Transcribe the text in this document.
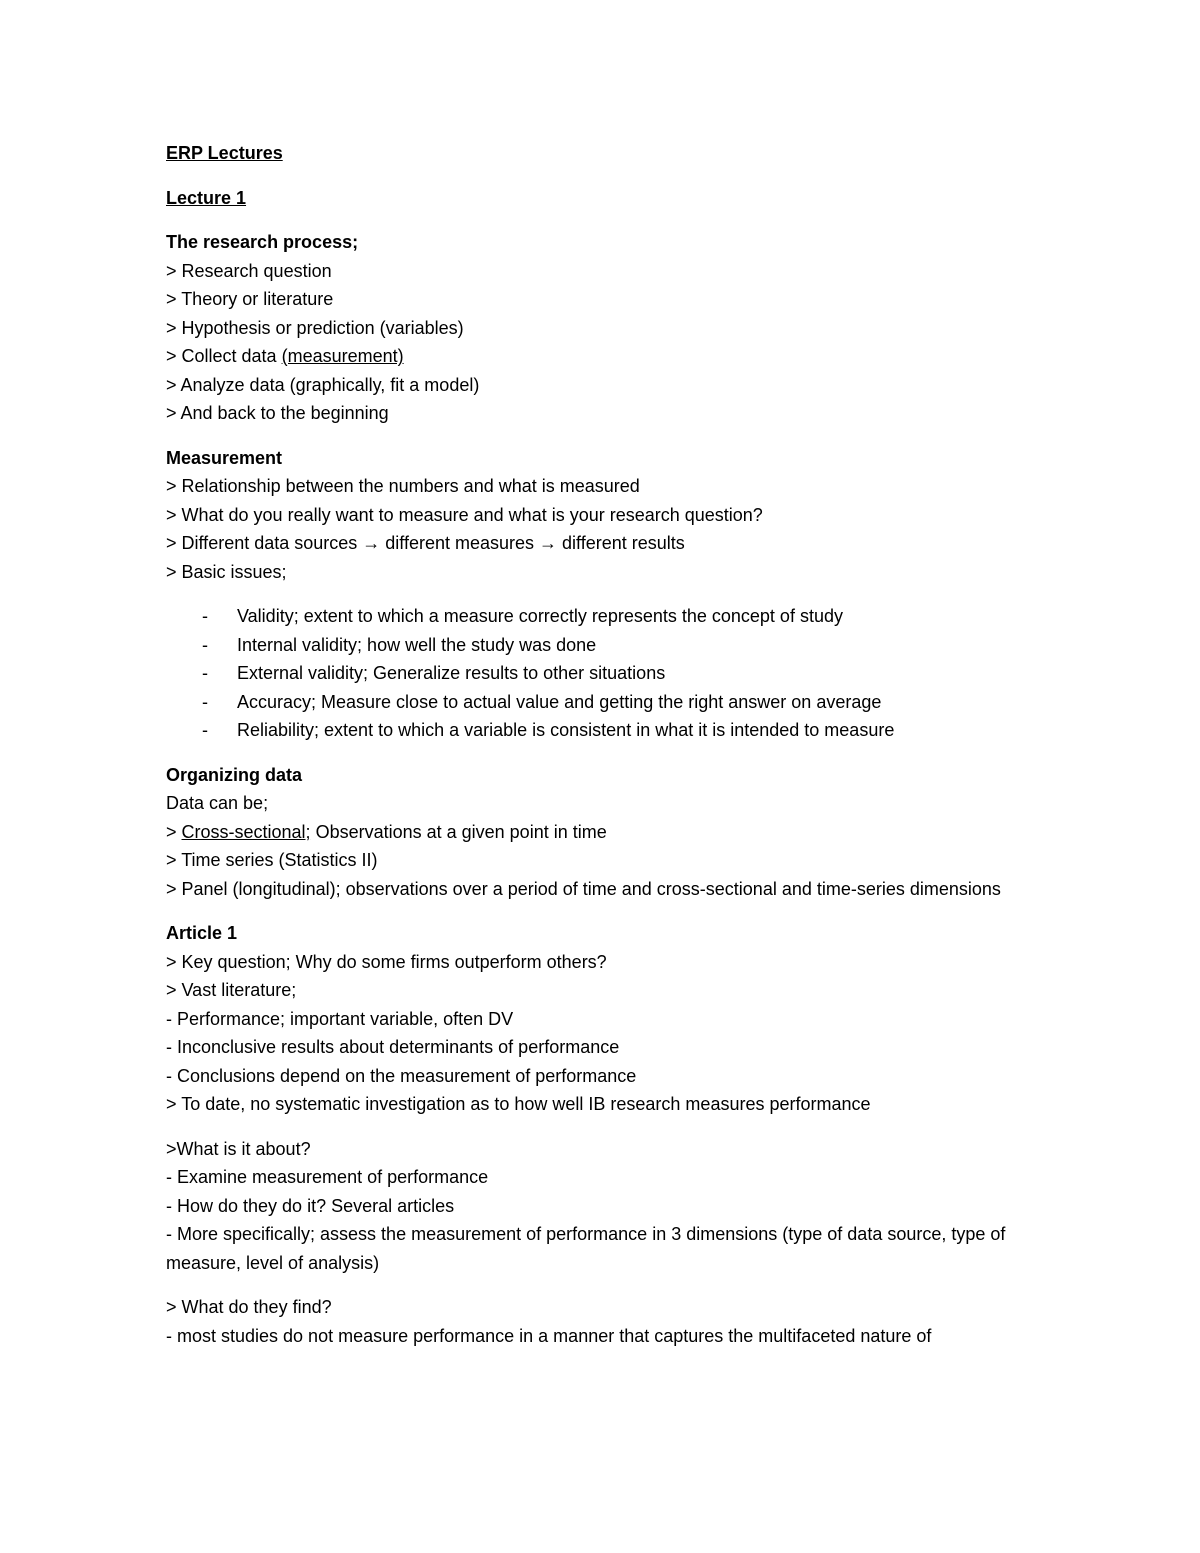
ERP Lectures
Lecture 1
The research process;
> Research question
> Theory or literature
> Hypothesis or prediction (variables)
> Collect data (measurement)
> Analyze data (graphically, fit a model)
> And back to the beginning
Measurement
> Relationship between the numbers and what is measured
> What do you really want to measure and what is your research question?
> Different data sources → different measures → different results
> Basic issues;
- Validity; extent to which a measure correctly represents the concept of study
- Internal validity; how well the study was done
- External validity; Generalize results to other situations
- Accuracy; Measure close to actual value and getting the right answer on average
- Reliability; extent to which a variable is consistent in what it is intended to measure
Organizing data
Data can be;
> Cross-sectional; Observations at a given point in time
> Time series (Statistics II)
> Panel (longitudinal); observations over a period of time and cross-sectional and time-series dimensions
Article 1
> Key question; Why do some firms outperform others?
> Vast literature;
- Performance; important variable, often DV
- Inconclusive results about determinants of performance
- Conclusions depend on the measurement of performance
> To date, no systematic investigation as to how well IB research measures performance
>What is it about?
- Examine measurement of performance
- How do they do it? Several articles
- More specifically; assess the measurement of performance in 3 dimensions (type of data source, type of measure, level of analysis)
> What do they find?
- most studies do not measure performance in a manner that captures the multifaceted nature of
